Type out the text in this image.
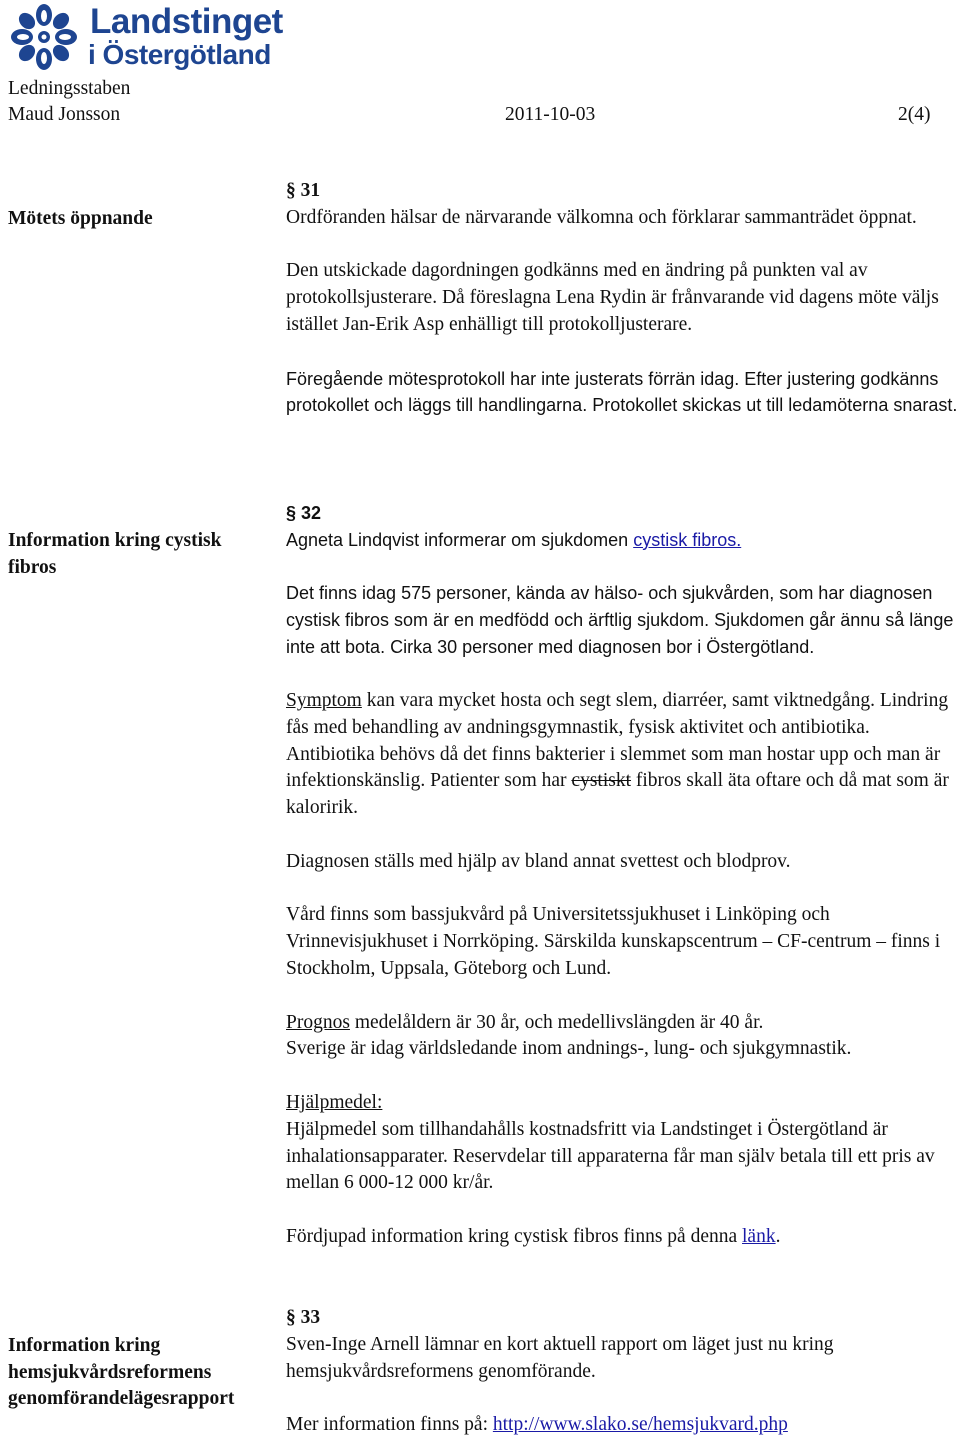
Landstinget
i Östergötland
Ledningsstaben
Maud Jonsson	2011-10-03	2(4)
Mötets öppnande

§ 31

Ordföranden hälsar de närvarande välkomna och förklarar sammanträdet öppnat.

Den utskickade dagordningen godkänns med en ändring på punkten val av protokollsjusterare. Då föreslagna Lena Rydin är frånvarande vid dagens möte väljs istället Jan-Erik Asp enhälligt till protokolljusterare.

Föregående mötesprotokoll har inte justerats förrän idag. Efter justering godkänns protokollet och läggs till handlingarna. Protokollet skickas ut till ledamöterna snarast.

Information kring cystisk fibros

§ 32

Agneta Lindqvist informerar om sjukdomen cystisk fibros.

Det finns idag 575 personer, kända av hälso- och sjukvården, som har diagnosen cystisk fibros som är en medfödd och ärftlig sjukdom. Sjukdomen går ännu så länge inte att bota. Cirka 30 personer med diagnosen bor i Östergötland.

Symptom kan vara mycket hosta och segt slem, diarréer, samt viktnedgång. Lindring fås med behandling av andningsgymnastik, fysisk aktivitet och antibiotika. Antibiotika behövs då det finns bakterier i slemmet som man hostar upp och man är infektionskänslig. Patienter som har cystiskt fibros skall äta oftare och då mat som är kaloririk.

Diagnosen ställs med hjälp av bland annat svettest och blodprov.

Vård finns som bassjukvård på Universitetssjukhuset i Linköping och Vrinnevisjukhuset i Norrköping. Särskilda kunskapscentrum – CF-centrum – finns i Stockholm, Uppsala, Göteborg och Lund.

Prognos medelåldern är 30 år, och medellivslängden är 40 år.

Sverige är idag världsledande inom andnings-, lung- och sjukgymnastik.

Hjälpmedel:

Hjälpmedel som tillhandahålls kostnadsfritt via Landstinget i Östergötland är inhalationsapparater. Reservdelar till apparaterna får man själv betala till ett pris av mellan 6 000-12 000 kr/år.

Fördjupad information kring cystisk fibros finns på denna länk.

Information kring hemsjukvårdsreformens genomförandelägesrapport

§ 33

Sven-Inge Arnell lämnar en kort aktuell rapport om läget just nu kring hemsjukvårdsreformens genomförande.

Mer information finns på: http://www.slako.se/hemsjukvard.php
